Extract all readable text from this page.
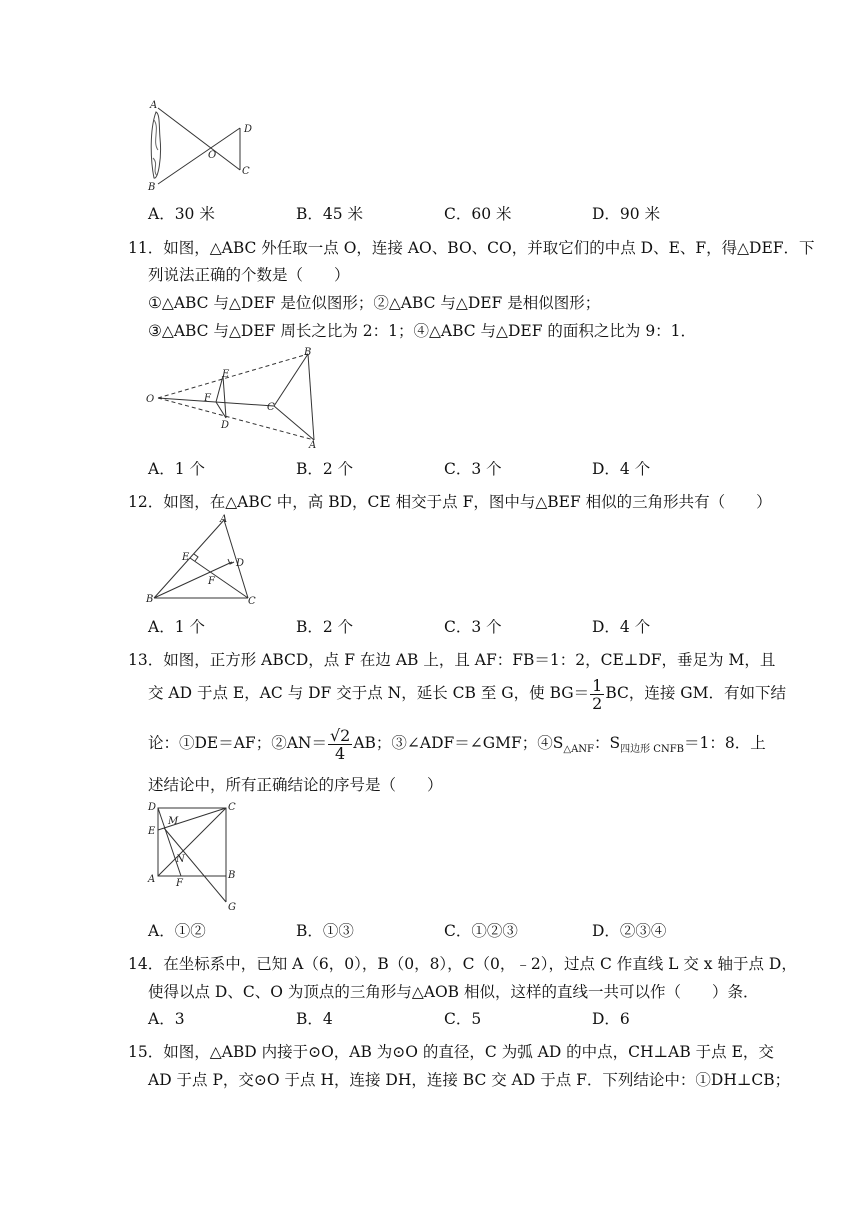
A
B
O
D
C
A．30 米	B．45 米	C．60 米	D．90 米
11．如图，△ABC 外任取一点 O，连接 AO、BO、CO，并取它们的中点 D、E、F，得△DEF．下
列说法正确的个数是（　　）
①△ABC 与△DEF 是位似图形；②△ABC 与△DEF 是相似图形；
③△ABC 与△DEF 周长之比为 2：1；④△ABC 与△DEF 的面积之比为 9：1．
B
E
O	F
C
D
A
A．1 个	B．2 个	C．3 个	D．4 个
12．如图，在△ABC 中，高 BD，CE 相交于点 F，图中与△BEF 相似的三角形共有（　　）
A
E
D
F
B	C
A．1 个	B．2 个	C．3 个	D．4 个
13．如图，正方形 ABCD，点 F 在边 AB 上，且 AF：FB＝1：2，CE⊥DF，垂足为 M，且
交 AD 于点 E，AC 与 DF 交于点 N，延长 CB 至 G，使 $BG= \frac{1}{2}$ BC，连接 GM．有如下结
论：①DE＝AF；②AN＝ $\frac{√2}{4}$ AB；③∠ADF＝∠GMF；$④S_{\triangle ANF}$：$S_{四边形 CNFB}=1$：8．上
述结论中，所有正确结论的序号是（　　）
D	C
M
E
N
A F
B
G
A．①②	B．①③	C．①②③	D．②③④
14．在坐标系中，已知 A（6，0），B（0，8），C（0，﹣2），过点 C 作直线 L 交 x 轴于点 D，
使得以点 D、C、O 为顶点的三角形与△AOB 相似，这样的直线一共可以作（　　）条．
A．3	B．4	C．5	D．6
15．如图，△ABD 内接于⊙O，AB 为⊙O 的直径，C 为弧 AD 的中点，CH⊥AB 于点 E，交
AD 于点 P，交⊙O 于点 H，连接 DH，连接 BC 交 AD 于点 F．下列结论中：①DH⊥CB；
